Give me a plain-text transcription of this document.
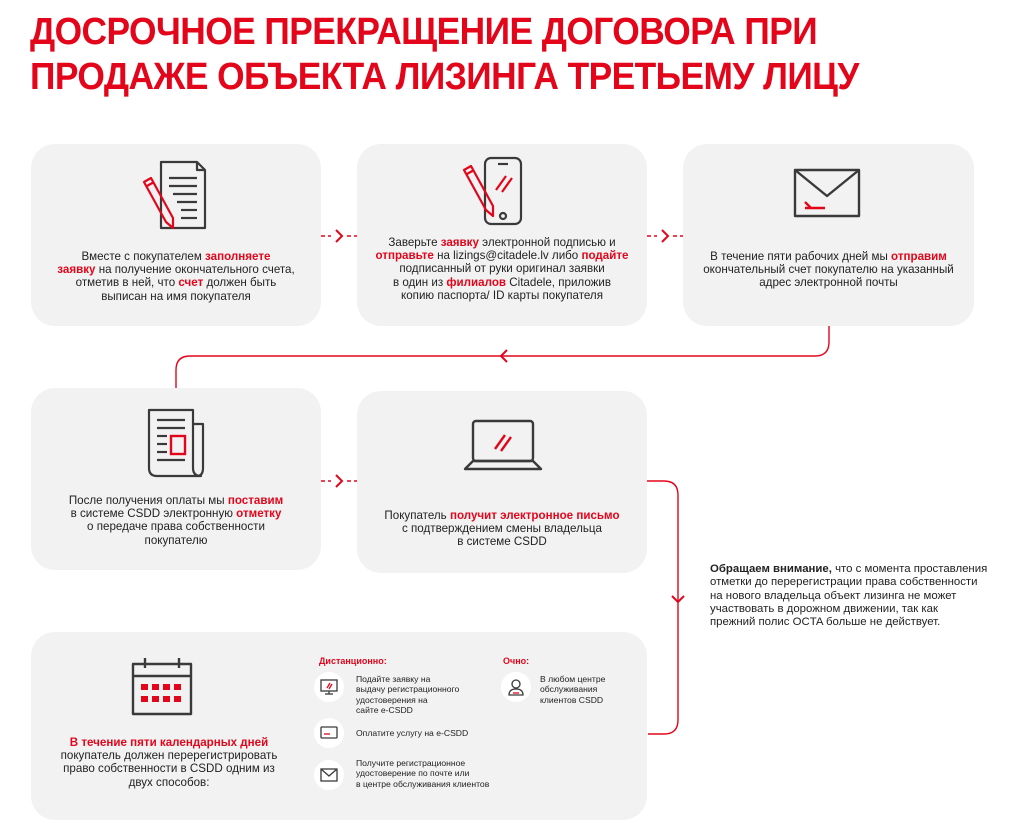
ДОСРОЧНОЕ ПРЕКРАЩЕНИЕ ДОГОВОРА ПРИ
ПРОДАЖЕ ОБЪЕКТА ЛИЗИНГА ТРЕТЬЕМУ ЛИЦУ
Вместе с покупателем заполняете
заявку на получение окончательного счета,
отметив в ней, что счет должен быть
выписан на имя покупателя
Заверьте заявку электронной подписью и
отправьте на lizings@citadele.lv либо подайте
подписанный от руки оригинал заявки
в один из филиалов Citadele, приложив
копию паспорта/ ID карты покупателя
В течение пяти рабочих дней мы отправим
окончательный счет покупателю на указанный
адрес электронной почты
После получения оплаты мы поставим
в системе CSDD электронную отметку
о передаче права собственности
покупателю
Покупатель получит электронное письмо
с подтверждением смены владельца
в системе CSDD
В течение пяти календарных дней
покупатель должен перерегистрировать
право собственности в CSDD одним из
двух способов:
Дистанционно:	Очно:
Подайте заявку на
выдачу регистрационного
удостоверения на
сайте e-CSDD
Оплатите услугу на e-CSDD
Получите регистрационное
удостоверение по почте или
в центре обслуживания клиентов
В любом центре
обслуживания
клиентов CSDD
Обращаем внимание, что с момента проставления
отметки до перерегистрации права собственности
на нового владельца объект лизинга не может
участвовать в дорожном движении, так как
прежний полис OCTA больше не действует.
